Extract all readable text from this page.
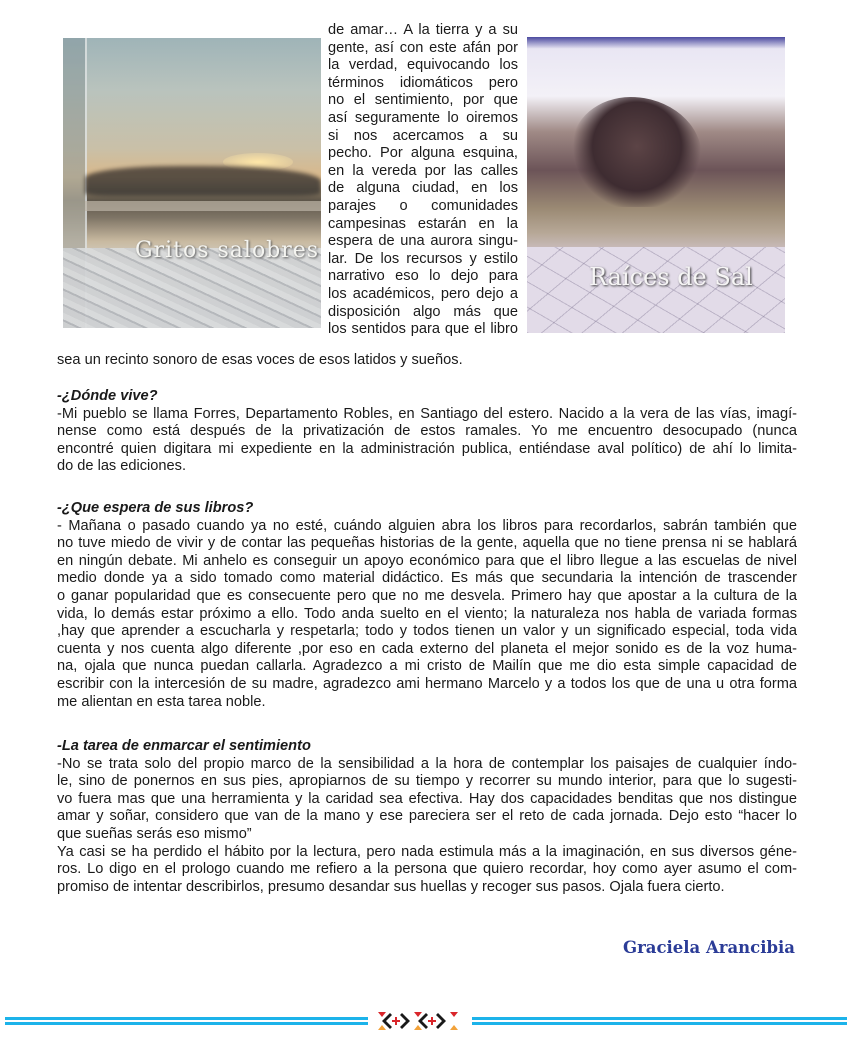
Gritos salobres
Raíces de Sal
de amar… A la tierra y a su
gente, así con este afán por
la verdad, equivocando los
términos idiomáticos pero
no el sentimiento, por que
así seguramente lo oiremos
si nos acercamos a su
pecho. Por alguna esquina,
en la vereda por las calles
de alguna ciudad, en los
parajes o comunidades
campesinas estarán en la
espera de una aurora singu-
lar. De los recursos y estilo
narrativo eso lo dejo para
los académicos, pero dejo a
disposición algo más que
los sentidos para que el libro
sea un recinto sonoro de esas voces de esos latidos y sueños.
-¿Dónde vive?
-Mi pueblo se llama Forres, Departamento Robles, en Santiago del estero. Nacido a la vera de las vías, imagí-
nense como está después de la privatización de estos ramales. Yo me encuentro desocupado (nunca
encontré quien digitara mi expediente en la administración publica, entiéndase aval político) de ahí lo limita-
do de las ediciones.
-¿Que espera de sus libros?
- Mañana o pasado cuando ya no esté, cuándo alguien abra los libros para recordarlos, sabrán también que
no tuve miedo de vivir y de contar las pequeñas historias de la gente, aquella que no tiene prensa ni se hablará
en ningún debate. Mi anhelo es conseguir un apoyo económico para que el libro llegue a las escuelas de nivel
medio donde ya a sido tomado como material didáctico. Es más que secundaria la intención de trascender
o ganar popularidad que es consecuente pero que no me desvela. Primero hay que apostar a la cultura de la
vida, lo demás estar próximo a ello. Todo anda suelto en el viento; la naturaleza nos habla de variada formas
,hay que aprender a escucharla y respetarla; todo y todos tienen un valor y un significado especial, toda vida
cuenta y nos cuenta algo diferente ,por eso en cada externo del planeta el mejor sonido es de la voz huma-
na, ojala que nunca puedan callarla. Agradezco a mi cristo de Mailín que me dio esta simple capacidad de
escribir con la intercesión de su madre, agradezco ami hermano Marcelo y a todos los que de una u otra forma
me alientan en esta tarea noble.
-La tarea de enmarcar el sentimiento
-No se trata solo del propio marco de la sensibilidad a la hora de contemplar los paisajes de cualquier índo-
le, sino de ponernos en sus pies, apropiarnos de su tiempo y recorrer su mundo interior, para que lo sugesti-
vo fuera mas que una herramienta y la caridad sea efectiva. Hay dos capacidades benditas que nos distingue
amar y soñar, considero que van de la mano y ese pareciera ser el reto de cada jornada. Dejo esto “hacer lo
que sueñas serás eso mismo”
Ya casi se ha perdido el hábito por la lectura, pero nada estimula más a la imaginación, en sus diversos géne-
ros. Lo digo en el prologo cuando me refiero a la persona que quiero recordar, hoy como ayer asumo el com-
promiso de intentar describirlos, presumo desandar sus huellas y recoger sus pasos. Ojala fuera cierto.
Graciela Arancibia
